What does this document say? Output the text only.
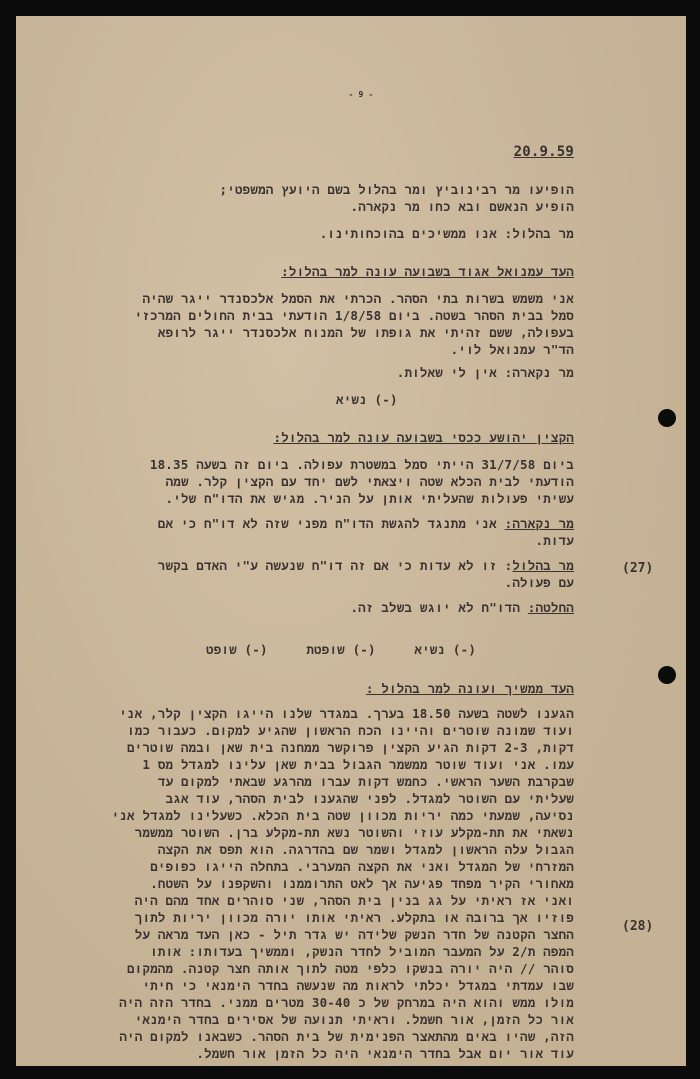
- 9 -
20.9.59
הופיעו מר רבינוביץ ומר בהלול בשם היועץ המשפטי;
הופיע הנאשם ובא כחו מר נקארה.
מר בהלול: אנו ממשיכים בהוכחותינו.
העד עמנואל אגוד בשבועה עונה למר בהלול:
אני משמש בשרות בתי הסהר. הכרתי את הסמל אלכסנדר ייגר שהיה
סמל בבית הסהר בשטה. ביום 1/8/58 הודעתי בבית החולים המרכזי
בעפולה, ששם זהיתי את גופתו של המנוח אלכסנדר ייגר לרופא
הד"ר עמנואל לוי.
מר נקארה: אין לי שאלות.
(-) נשיא
הקצין יהושע ככסי בשבועה עונה למר בהלול:
ביום 31/7/58 הייתי סמל במשטרת עפולה. ביום זה בשעה 18.35
הודעתי לבית הכלא שטה ויצאתי לשם יחד עם הקצין קלר. שמה
עשיתי פעולות שהעליתי אותן על הניר. מגיש את הדו"ח שלי.
מר נקארה: אני מתנגד להגשת הדו"ח מפני שזה לא דו"ח כי אם
עדות.
מר בהלול: זו לא עדות כי אם זה דו"ח שנעשה ע"י האדם בקשר
עם פעולה.
החלטה: הדו"ח לא יוגש בשלב זה.
(-) נשיא     (-) שופטת     (-) שופט
העד ממשיך ועונה למר בהלול :
הגענו לשטה בשעה 18.50 בערך. במגדר שלנו הייגו הקצין קלר, אני
ועוד שמונה שוטרים והיינו הכח הראשון שהגיע למקום. כעבור כמו
דקות, 2-3 דקות הגיע הקצין פרוקשר ממחנה בית שאן ובמה שוטרים
עמו. אני ועוד שוטר ממשמר הגבול בבית שאן עלינו למגדל מס 1
שבקרבת השער הראשי. כחמש דקות עברו מהרגע שבאתי למקום עד
שעליתי עם השוטר למגדל. לפני שהגענו לבית הסהר, עוד אגב
נסיעה, שמעתי כמה יריות מכוון שטה בית הכלא. כשעלינו למגדל אני
נשאתי את תת-מקלע עוזי והשוטר נשא תת-מקלע ברן. השוטר ממשמר
הגבול עלה הראשון למגדל ושמר שם בהדרגה. הוא תפס את הקצה
המזרחי של המגדל ואני את הקצה המערבי. בתחלה הייגו כפופים
מאחורי הקיר מפחד פגיעה אך לאט התרוממנו והשקפנו על השטח.
ואני אז ראיתי על גג בנין בית הסהר, שני סוהרים אחד מהם היה
פוזיו אך ברובה או בתקלע. ראיתי אותו יורה מכוון יריות לתוך
החצר הקטנה של חדר הנשק שלידה יש גדר תיל - כאן העד מראה על
המפה ת/2 על המעבר המוביל לחדר הנשק, וממשיך בעדותו: אותו
סוהר // היה יורה בנשקו כלפי מטה לתוך אותה חצר קטנה. מהמקום
שבו עמדתי במגדל יכלתי לראות מה שנעשה בחדר הימנאי כי חיתי
מולו ממש והוא היה במרחק של כ 30-40 מטרים ממני. בחדר הזה היה
אור כל הזמן, אור חשמל. וראיתי תנועה של אסירים בחדר הימנאי
הזה, שהיו באים מהתאצר הפנימית של בית הסהר. כשבאנו למקום היה
עוד אור יום אבל בחדר הימנאי היה כל הזמן אור חשמל.
(27)
(28)
